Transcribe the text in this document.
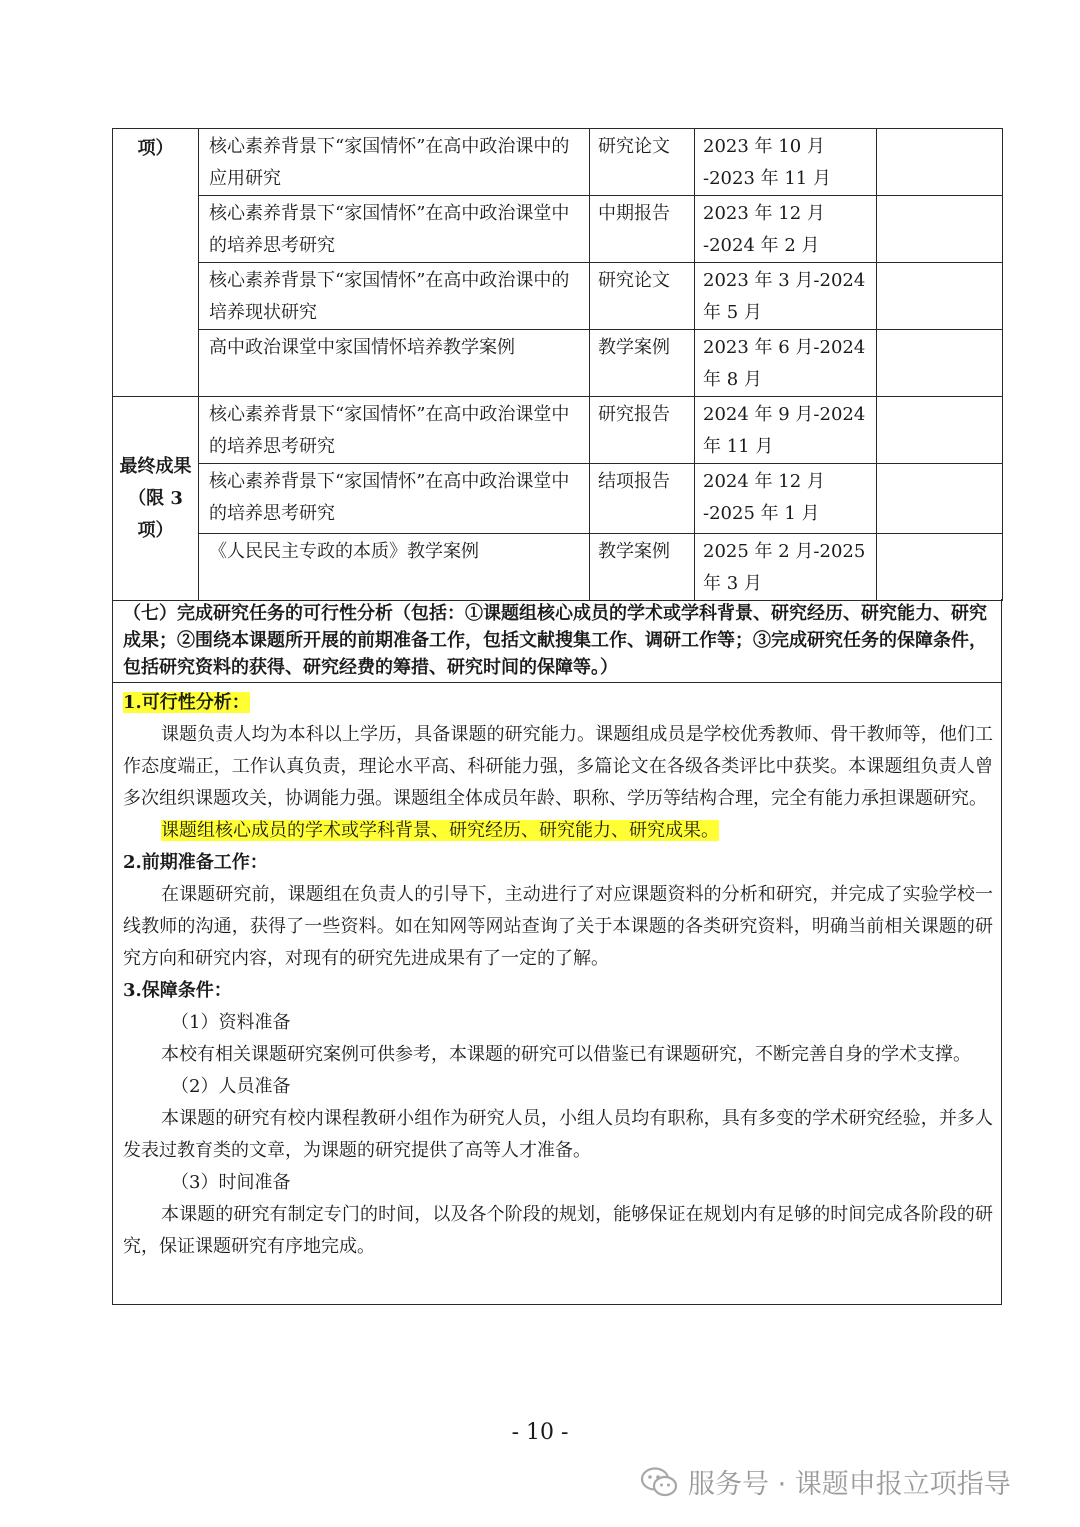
项）	核心素养背景下“家国情怀”在高中政治课中的应用研究	研究论文	2023 年 10 月 -2023 年 11 月	
	核心素养背景下“家国情怀”在高中政治课堂中的培养思考研究	中期报告	2023 年 12 月 -2024 年 2 月	
	核心素养背景下“家国情怀”在高中政治课中的培养现状研究	研究论文	2023 年 3 月-2024 年 5 月	
	高中政治课堂中家国情怀培养教学案例	教学案例	2023 年 6 月-2024 年 8 月	
最终成果（限 3 项）	核心素养背景下“家国情怀”在高中政治课堂中的培养思考研究	研究报告	2024 年 9 月-2024 年 11 月	
	核心素养背景下“家国情怀”在高中政治课堂中的培养思考研究	结项报告	2024 年 12 月 -2025 年 1 月	
	《人民民主专政的本质》教学案例	教学案例	2025 年 2 月-2025 年 3 月	
（七）完成研究任务的可行性分析（包括：①课题组核心成员的学术或学科背景、研究经历、研究能力、研究成果；②围绕本课题所开展的前期准备工作，包括文献搜集工作、调研工作等；③完成研究任务的保障条件，包括研究资料的获得、研究经费的筹措、研究时间的保障等。）
1.可行性分析：
课题负责人均为本科以上学历，具备课题的研究能力。课题组成员是学校优秀教师、骨干教师等，他们工作态度端正，工作认真负责，理论水平高、科研能力强，多篇论文在各级各类评比中获奖。本课题组负责人曾多次组织课题攻关，协调能力强。课题组全体成员年龄、职称、学历等结构合理，完全有能力承担课题研究。
课题组核心成员的学术或学科背景、研究经历、研究能力、研究成果。
2.前期准备工作：
在课题研究前，课题组在负责人的引导下，主动进行了对应课题资料的分析和研究，并完成了实验学校一线教师的沟通，获得了一些资料。如在知网等网站查询了关于本课题的各类研究资料，明确当前相关课题的研究方向和研究内容，对现有的研究先进成果有了一定的了解。
3.保障条件：
（1）资料准备
本校有相关课题研究案例可供参考，本课题的研究可以借鉴已有课题研究，不断完善自身的学术支撑。
（2）人员准备
本课题的研究有校内课程教研小组作为研究人员，小组人员均有职称，具有多变的学术研究经验，并多人发表过教育类的文章，为课题的研究提供了高等人才准备。
（3）时间准备
本课题的研究有制定专门的时间，以及各个阶段的规划，能够保证在规划内有足够的时间完成各阶段的研究，保证课题研究有序地完成。
- 10 -
服务号 · 课题申报立项指导
